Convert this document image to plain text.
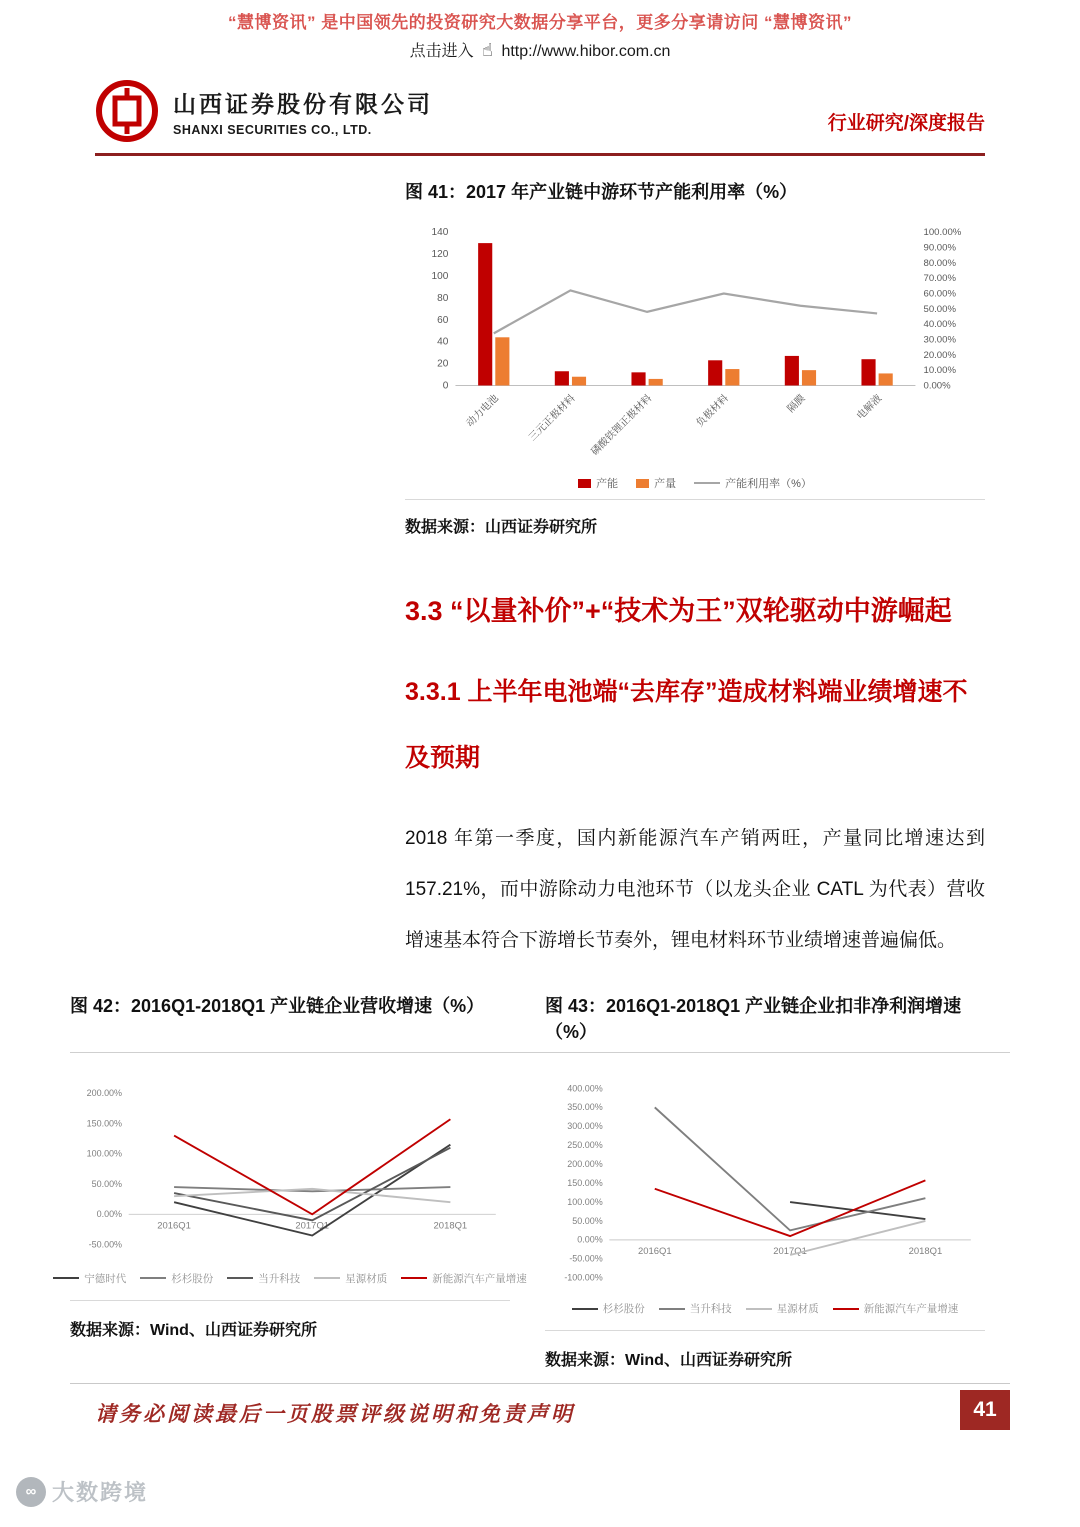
“慧博资讯” 是中国领先的投资研究大数据分享平台，更多分享请访问 “慧博资讯”
点击进入 ☝ http://www.hibor.com.cn
山西证券股份有限公司
SHANXI SECURITIES CO., LTD.	行业研究/深度报告
图 41：2017 年产业链中游环节产能利用率（%）
0
20
40
60
80
100
120
140
0.00%
10.00%
20.00%
30.00%
40.00%
50.00%
60.00%
70.00%
80.00%
90.00%
100.00%
动力电池	三元正极材料 磷酸铁锂正极材料	负极材料	隔膜	电解液
产能	产量	产能利用率（%）
数据来源：山西证券研究所
3.3 “以量补价”+“技术为王”双轮驱动中游崛起
3.3.1 上半年电池端“去库存”造成材料端业绩增速不及预期

2018 年第一季度，国内新能源汽车产销两旺，产量同比增速达到 157.21%，而中游除动力电池环节（以龙头企业 CATL 为代表）营收增速基本符合下游增长节奏外，锂电材料环节业绩增速普遍偏低。

图 42：2016Q1-2018Q1 产业链企业营收增速（%）	图 43：2016Q1-2018Q1 产业链企业扣非净利润增速（%）
200.00%
150.00%
100.00%
50.00%
0.00%
-50.00%
2016Q1	2017Q1	2018Q1
宁德时代	杉杉股份	当升科技	星源材质	新能源汽车产量增速
数据来源：Wind、山西证券研究所
400.00%
350.00%
300.00%
250.00%
200.00%
150.00%
100.00%
50.00%
0.00%
-50.00%
-100.00%
2016Q1	2017Q1	2018Q1
杉杉股份	当升科技	星源材质	新能源汽车产量增速
数据来源：Wind、山西证券研究所
请务必阅读最后一页股票评级说明和免责声明	41
∞ 大数跨境
